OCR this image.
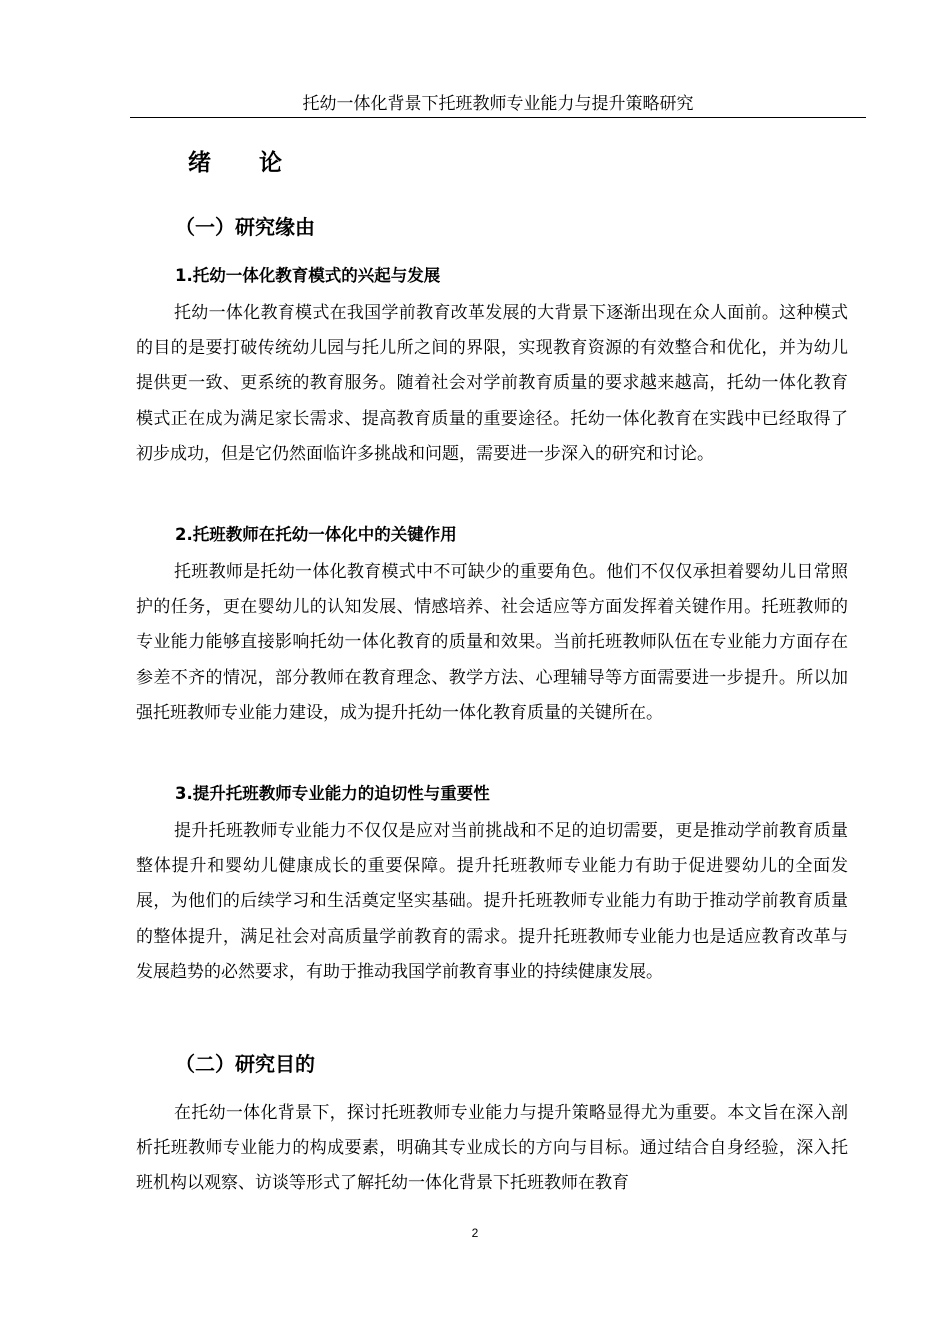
托幼一体化背景下托班教师专业能力与提升策略研究
绪 论
（一）研究缘由
1.托幼一体化教育模式的兴起与发展

托幼一体化教育模式在我国学前教育改革发展的大背景下逐渐出现在众人面前。这种模式的目的是要打破传统幼儿园与托儿所之间的界限，实现教育资源的有效整合和优化，并为幼儿提供更一致、更系统的教育服务。随着社会对学前教育质量的要求越来越高，托幼一体化教育模式正在成为满足家长需求、提高教育质量的重要途径。托幼一体化教育在实践中已经取得了初步成功，但是它仍然面临许多挑战和问题，需要进一步深入的研究和讨论。

2.托班教师在托幼一体化中的关键作用

托班教师是托幼一体化教育模式中不可缺少的重要角色。他们不仅仅承担着婴幼儿日常照护的任务，更在婴幼儿的认知发展、情感培养、社会适应等方面发挥着关键作用。托班教师的专业能力能够直接影响托幼一体化教育的质量和效果。当前托班教师队伍在专业能力方面存在参差不齐的情况，部分教师在教育理念、教学方法、心理辅导等方面需要进一步提升。所以加强托班教师专业能力建设，成为提升托幼一体化教育质量的关键所在。

3.提升托班教师专业能力的迫切性与重要性

提升托班教师专业能力不仅仅是应对当前挑战和不足的迫切需要，更是推动学前教育质量整体提升和婴幼儿健康成长的重要保障。提升托班教师专业能力有助于促进婴幼儿的全面发展，为他们的后续学习和生活奠定坚实基础。提升托班教师专业能力有助于推动学前教育质量的整体提升，满足社会对高质量学前教育的需求。提升托班教师专业能力也是适应教育改革与发展趋势的必然要求，有助于推动我国学前教育事业的持续健康发展。

（二）研究目的

在托幼一体化背景下，探讨托班教师专业能力与提升策略显得尤为重要。本文旨在深入剖析托班教师专业能力的构成要素，明确其专业成长的方向与目标。通过结合自身经验，深入托班机构以观察、访谈等形式了解托幼一体化背景下托班教师在教育

2
